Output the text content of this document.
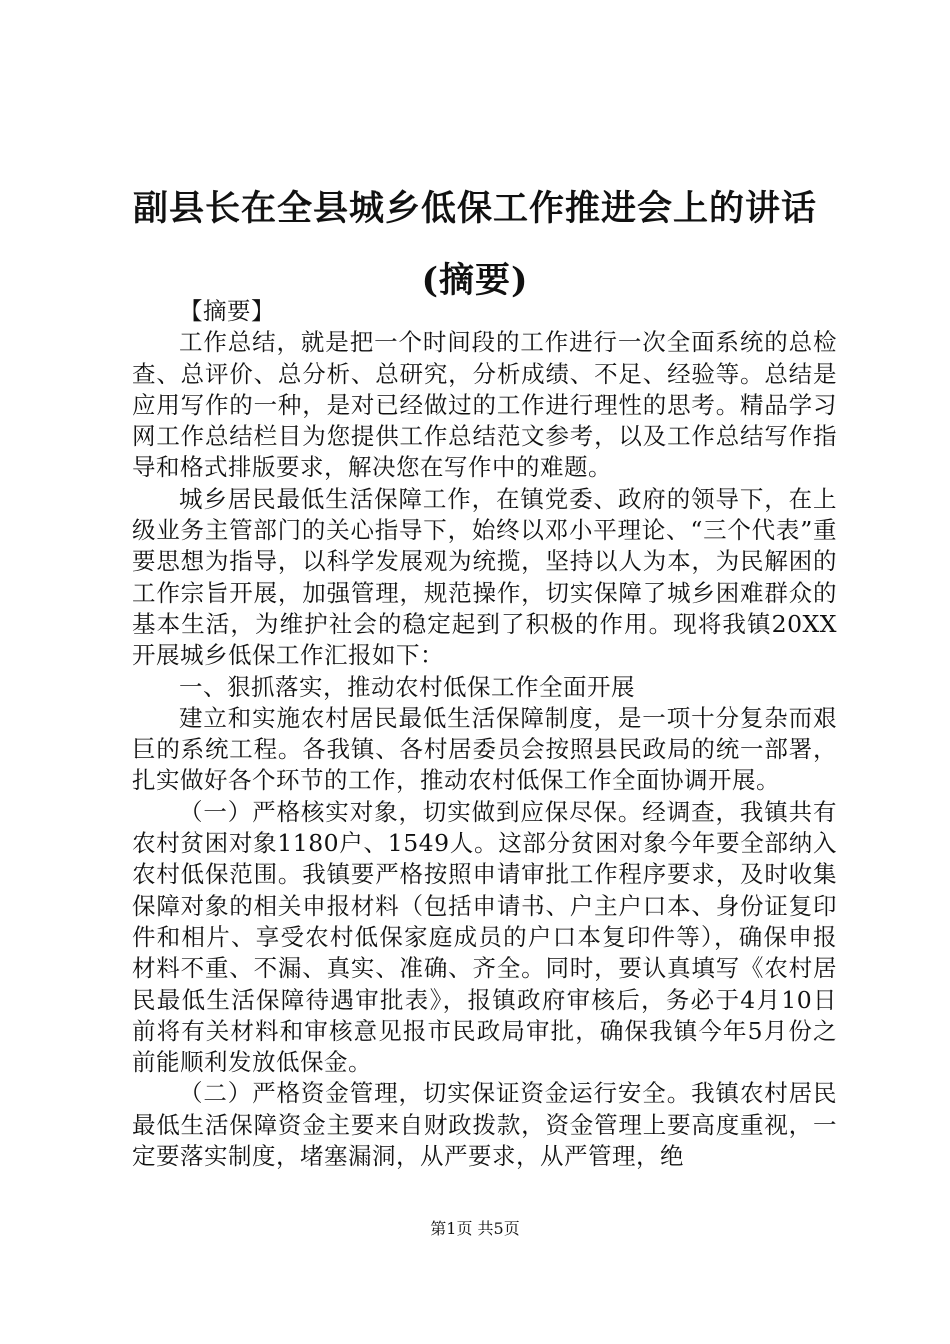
副县长在全县城乡低保工作推进会上的讲话
(摘要)

【摘要】

工作总结，就是把一个时间段的工作进行一次全面系统的总检查、总评价、总分析、总研究，分析成绩、不足、经验等。总结是应用写作的一种，是对已经做过的工作进行理性的思考。精品学习网工作总结栏目为您提供工作总结范文参考，以及工作总结写作指导和格式排版要求，解决您在写作中的难题。

城乡居民最低生活保障工作，在镇党委、政府的领导下，在上级业务主管部门的关心指导下，始终以邓小平理论、“三个代表”重要思想为指导，以科学发展观为统揽，坚持以人为本，为民解困的工作宗旨开展，加强管理，规范操作，切实保障了城乡困难群众的基本生活，为维护社会的稳定起到了积极的作用。现将我镇20XX开展城乡低保工作汇报如下：

一、狠抓落实，推动农村低保工作全面开展

建立和实施农村居民最低生活保障制度，是一项十分复杂而艰巨的系统工程。各我镇、各村居委员会按照县民政局的统一部署，扎实做好各个环节的工作，推动农村低保工作全面协调开展。

（一）严格核实对象，切实做到应保尽保。经调查，我镇共有农村贫困对象1180户、1549人。这部分贫困对象今年要全部纳入农村低保范围。我镇要严格按照申请审批工作程序要求，及时收集保障对象的相关申报材料（包括申请书、户主户口本、身份证复印件和相片、享受农村低保家庭成员的户口本复印件等），确保申报材料不重、不漏、真实、准确、齐全。同时，要认真填写《农村居民最低生活保障待遇审批表》，报镇政府审核后，务必于4月10日前将有关材料和审核意见报市民政局审批，确保我镇今年5月份之前能顺利发放低保金。

（二）严格资金管理，切实保证资金运行安全。我镇农村居民最低生活保障资金主要来自财政拨款，资金管理上要高度重视，一定要落实制度，堵塞漏洞，从严要求，从严管理，绝

第1页 共5页
